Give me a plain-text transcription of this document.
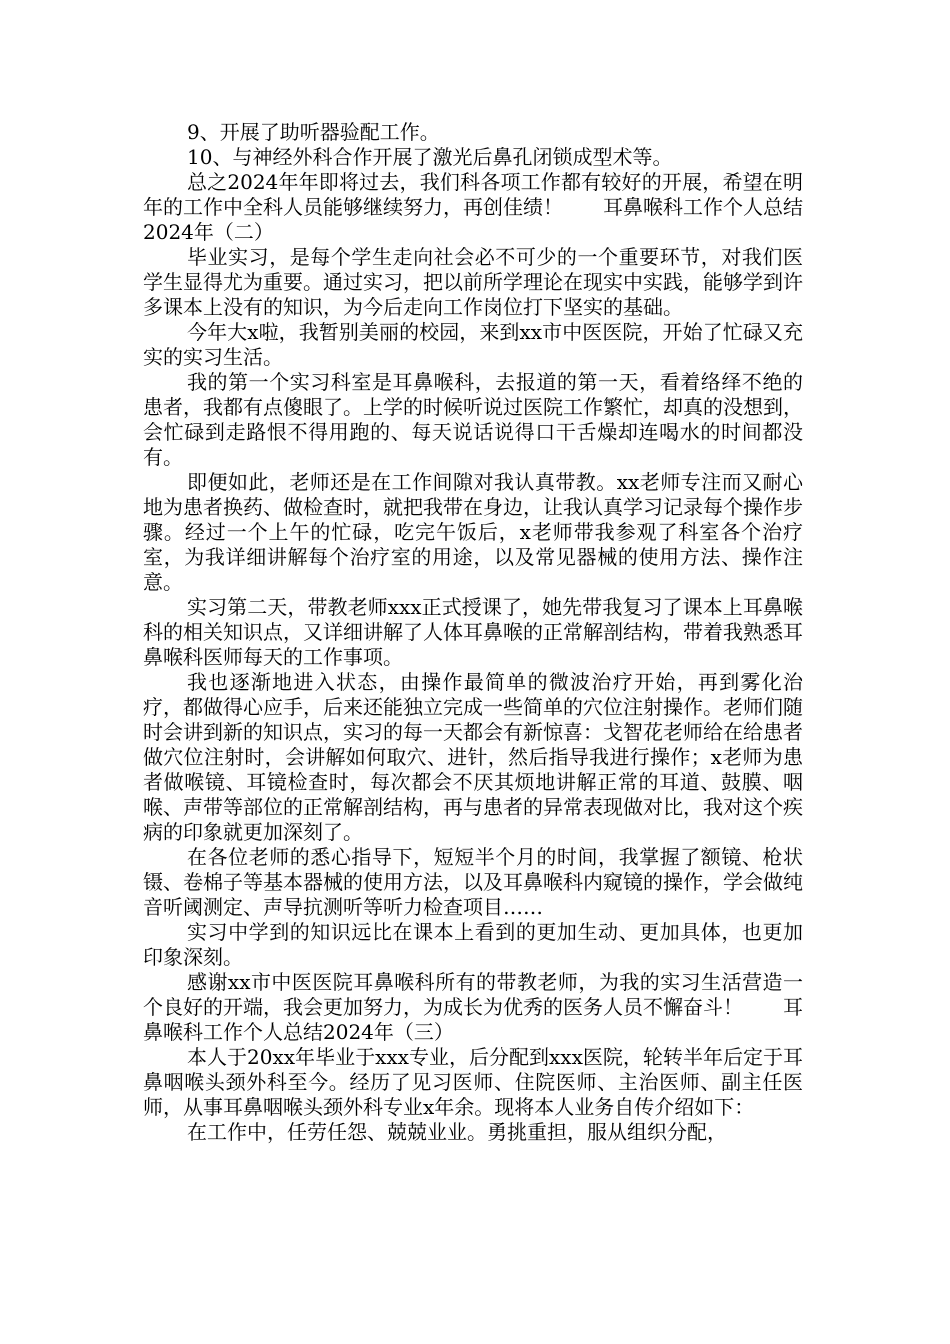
9、开展了助听器验配工作。

10、与神经外科合作开展了激光后鼻孔闭锁成型术等。

总之2024年年即将过去，我们科各项工作都有较好的开展，希望在明年的工作中全科人员能够继续努力，再创佳绩！　　耳鼻喉科工作个人总结2024年（二）

毕业实习，是每个学生走向社会必不可少的一个重要环节，对我们医学生显得尤为重要。通过实习，把以前所学理论在现实中实践，能够学到许多课本上没有的知识，为今后走向工作岗位打下坚实的基础。

今年大x啦，我暂别美丽的校园，来到xx市中医医院，开始了忙碌又充实的实习生活。

我的第一个实习科室是耳鼻喉科，去报道的第一天，看着络绎不绝的患者，我都有点傻眼了。上学的时候听说过医院工作繁忙，却真的没想到，会忙碌到走路恨不得用跑的、每天说话说得口干舌燥却连喝水的时间都没有。

即便如此，老师还是在工作间隙对我认真带教。xx老师专注而又耐心地为患者换药、做检查时，就把我带在身边，让我认真学习记录每个操作步骤。经过一个上午的忙碌，吃完午饭后，x老师带我参观了科室各个治疗室，为我详细讲解每个治疗室的用途，以及常见器械的使用方法、操作注意。

实习第二天，带教老师xxx正式授课了，她先带我复习了课本上耳鼻喉科的相关知识点，又详细讲解了人体耳鼻喉的正常解剖结构，带着我熟悉耳鼻喉科医师每天的工作事项。

我也逐渐地进入状态，由操作最简单的微波治疗开始，再到雾化治疗，都做得心应手，后来还能独立完成一些简单的穴位注射操作。老师们随时会讲到新的知识点，实习的每一天都会有新惊喜：戈智花老师给在给患者做穴位注射时，会讲解如何取穴、进针，然后指导我进行操作；x老师为患者做喉镜、耳镜检查时，每次都会不厌其烦地讲解正常的耳道、鼓膜、咽喉、声带等部位的正常解剖结构，再与患者的异常表现做对比，我对这个疾病的印象就更加深刻了。

在各位老师的悉心指导下，短短半个月的时间，我掌握了额镜、枪状镊、卷棉子等基本器械的使用方法，以及耳鼻喉科内窥镜的操作，学会做纯音听阈测定、声导抗测听等听力检查项目……

实习中学到的知识远比在课本上看到的更加生动、更加具体，也更加印象深刻。

感谢xx市中医医院耳鼻喉科所有的带教老师，为我的实习生活营造一个良好的开端，我会更加努力，为成长为优秀的医务人员不懈奋斗！　　耳鼻喉科工作个人总结2024年（三）

本人于20xx年毕业于xxx专业，后分配到xxx医院，轮转半年后定于耳鼻咽喉头颈外科至今。经历了见习医师、住院医师、主治医师、副主任医师，从事耳鼻咽喉头颈外科专业x年余。现将本人业务自传介绍如下：

在工作中，任劳任怨、兢兢业业。勇挑重担，服从组织分配，
